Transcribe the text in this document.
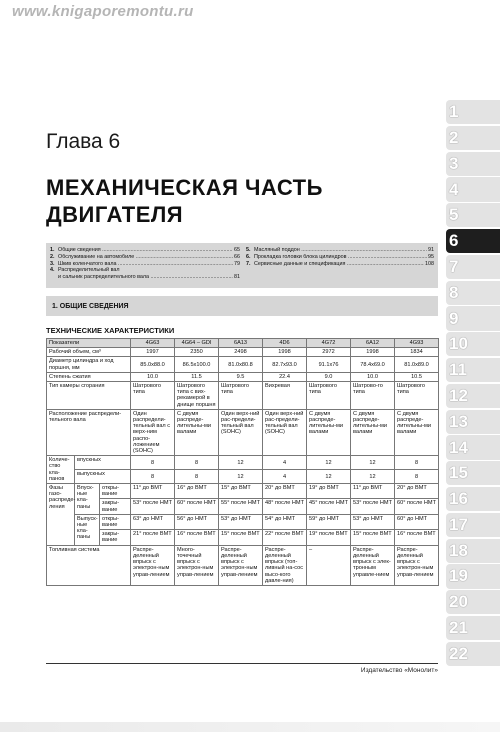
www.knigaporemontu.ru
1
2
3
4
5
6
7
8
9
10
11
12
13
14
15
16
17
18
19
20
21
22
Глава 6
МЕХАНИЧЕСКАЯ ЧАСТЬ
ДВИГАТЕЛЯ
1. Общие сведения .....	65
2. Обслуживание на автомобиле .....	66
3. Шкив коленчатого вала .....	79
4. Распределительный вал
и сальник распределительного вала .....	81
5. Масляный поддон .....	91
6. Прокладка головки блока цилиндров .....	95
7. Сервисные данные и спецификация .....	108
1. ОБЩИЕ СВЕДЕНИЯ
ТЕХНИЧЕСКИЕ ХАРАКТЕРИСТИКИ
Показатели			4G63	4G64 – GDI	6A13	4D6	4G72	6A12	4G93
Рабочий объем, см³			1997	2350	2498	1998	2972	1998	1834
Диаметр цилиндра и ход поршня, мм			85.0x88.0	86.5x100.0	81.0x80.8	82.7x93.0	91.1x76	78.4x69.0	81.0x89.0
Степень сжатия			10.0	11.5	9.5	22.4	9.0	10.0	10.5
Тип камеры сгорания			Шатрового типа	Шатрового типа с вих-рекамерой в днище поршня	Шатрового типа	Вихревая	Шатрового типа	Шатрово-го типа	Шатрового типа
Расположение распредели-тельного вала			Один распредели-тельный вал с верх-ним распо-ложением (SOHC)	С двумя распреде-лительны-ми валами	Один верх-ний рас-предели-тельный вал (SOHC)	Один верх-ний рас-предели-тельный вал (SOHC)	С двумя распреде-лительны-ми валами	С двумя распреде-лительны-ми валами	С двумя распреде-лительны-ми валами
Количе-ство кла-панов	впускных		8	8	12	4	12	12	8
	выпускных		8	8	12	4	12	12	8
Фазы газо-распреде-ления	Впуск-ные кла-паны	откры-вание	11° до ВМТ	16° до ВМТ	15° до ВМТ	20° до ВМТ	19° до ВМТ	11° до ВМТ	20° до ВМТ
		закры-вание	53° после НМТ	60° после НМТ	55° после НМТ	48° после НМТ	45° после НМТ	53° после НМТ	60° после НМТ
	Выпуск-ные кла-паны	откры-вание	63° до НМТ	56° до НМТ	53° до НМТ	54° до НМТ	59° до НМТ	53° до НМТ	60° до НМТ
		закры-вание	21° после ВМТ	16° после ВМТ	15° после ВМТ	22° после ВМТ	19° после ВМТ	15° после ВМТ	16° после ВМТ
Топливная система			Распре-деленный впрыск с электрон-ным управ-лением	Много-точечный впрыск с электрон-ным управ-лением	Распре-деленный впрыск с электрон-ным управ-лением	Распре-деленный впрыск (топ-ливный на-сос высо-кого давле-ния)	–	Распре-деленный впрыск с элек-тронным управле-нием	Распре-деленный впрыск с электрон-ным управ-лением
Издательство «Монолит»
